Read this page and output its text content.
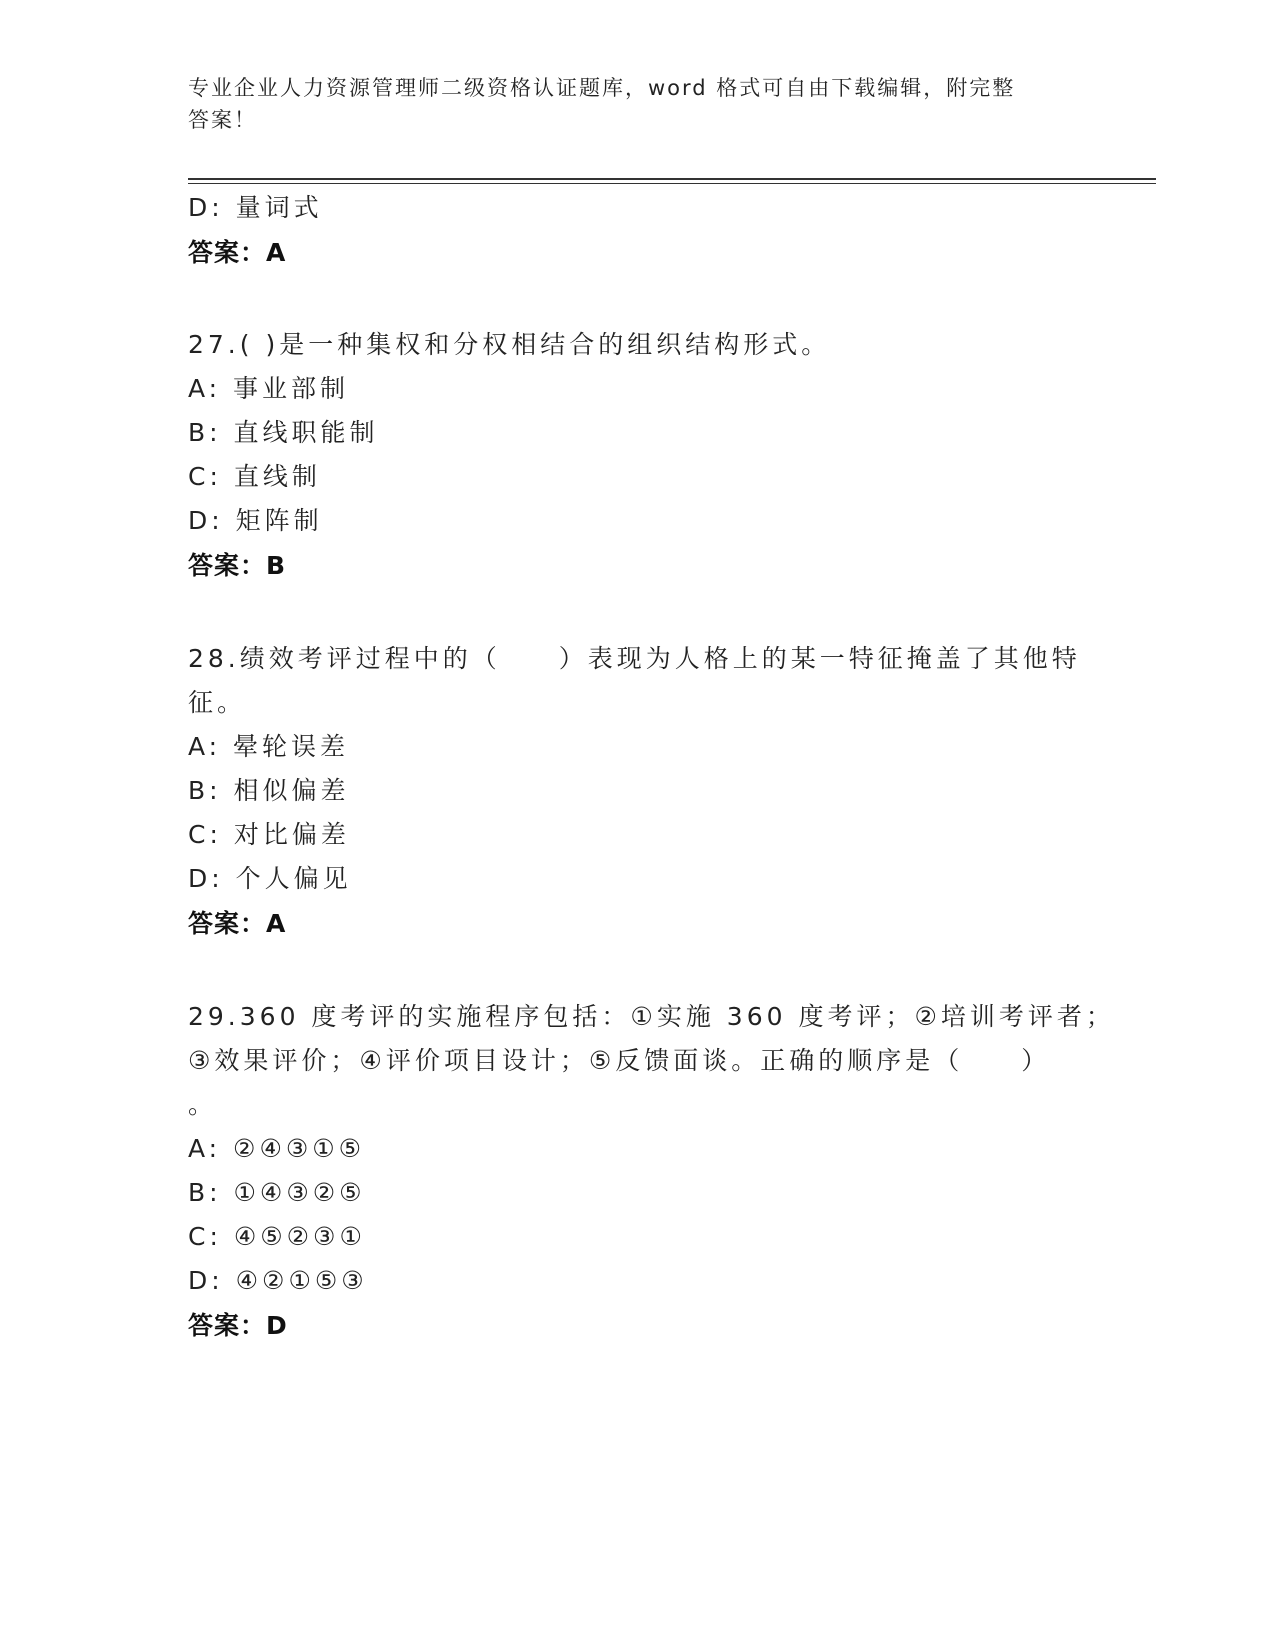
专业企业人力资源管理师二级资格认证题库，word 格式可自由下载编辑，附完整
答案！
D: 量词式
答案：A
27.( )是一种集权和分权相结合的组织结构形式。
A: 事业部制
B: 直线职能制
C: 直线制
D: 矩阵制
答案：B
28.绩效考评过程中的（　　）表现为人格上的某一特征掩盖了其他特
征。
A: 晕轮误差
B: 相似偏差
C: 对比偏差
D: 个人偏见
答案：A
29.360 度考评的实施程序包括：①实施 360 度考评；②培训考评者；
③效果评价；④评价项目设计；⑤反馈面谈。正确的顺序是（　　）
。
A: ②④③①⑤
B: ①④③②⑤
C: ④⑤②③①
D: ④②①⑤③
答案：D
